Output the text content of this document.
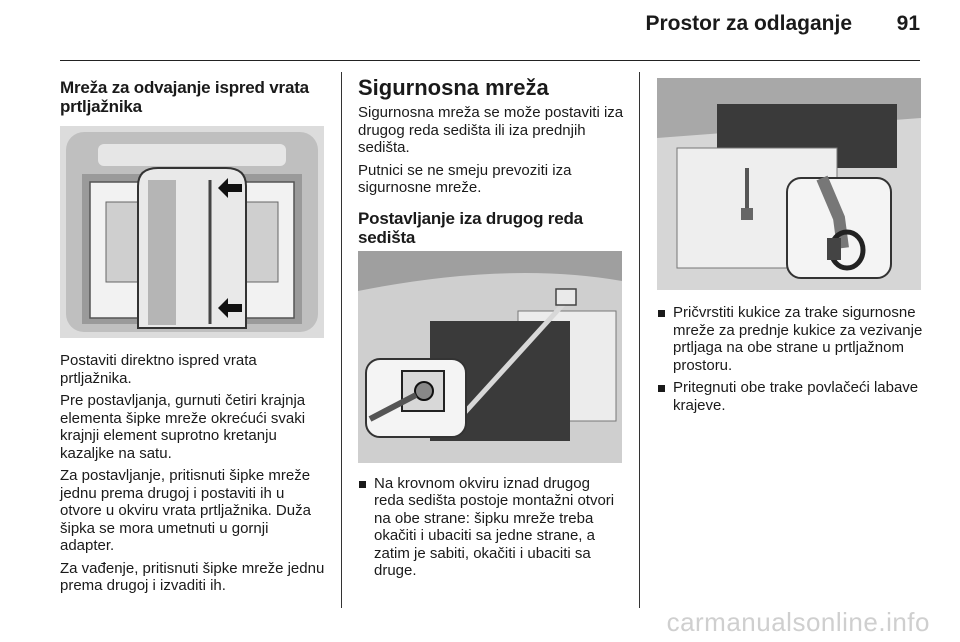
Prostor za odlaganje 91
Mreža za odvajanje ispred vrata prtljažnika

Postaviti direktno ispred vrata prtljažnika.

Pre postavljanja, gurnuti četiri krajnja elementa šipke mreže okrećući svaki krajnji element suprotno kretanju kazaljke na satu.

Za postavljanje, pritisnuti šipke mreže jednu prema drugoj i postaviti ih u otvore u okviru vrata prtljažnika. Duža šipka se mora umetnuti u gornji adapter.

Za vađenje, pritisnuti šipke mreže jednu prema drugoj i izvaditi ih.

Sigurnosna mreža

Sigurnosna mreža se može postaviti iza drugog reda sedišta ili iza prednjih sedišta.

Putnici se ne smeju prevoziti iza sigurnosne mreže.

Postavljanje iza drugog reda sedišta
Na krovnom okviru iznad drugog reda sedišta postoje montažni otvori na obe strane: šipku mreže treba okačiti i ubaciti sa jedne strane, a zatim je sabiti, okačiti i ubaciti sa druge.
Pričvrstiti kukice za trake sigurnosne mreže za prednje kukice za vezivanje prtljaga na obe strane u prtljažnom prostoru.
Pritegnuti obe trake povlačeći labave krajeve.
carmanualsonline.info
